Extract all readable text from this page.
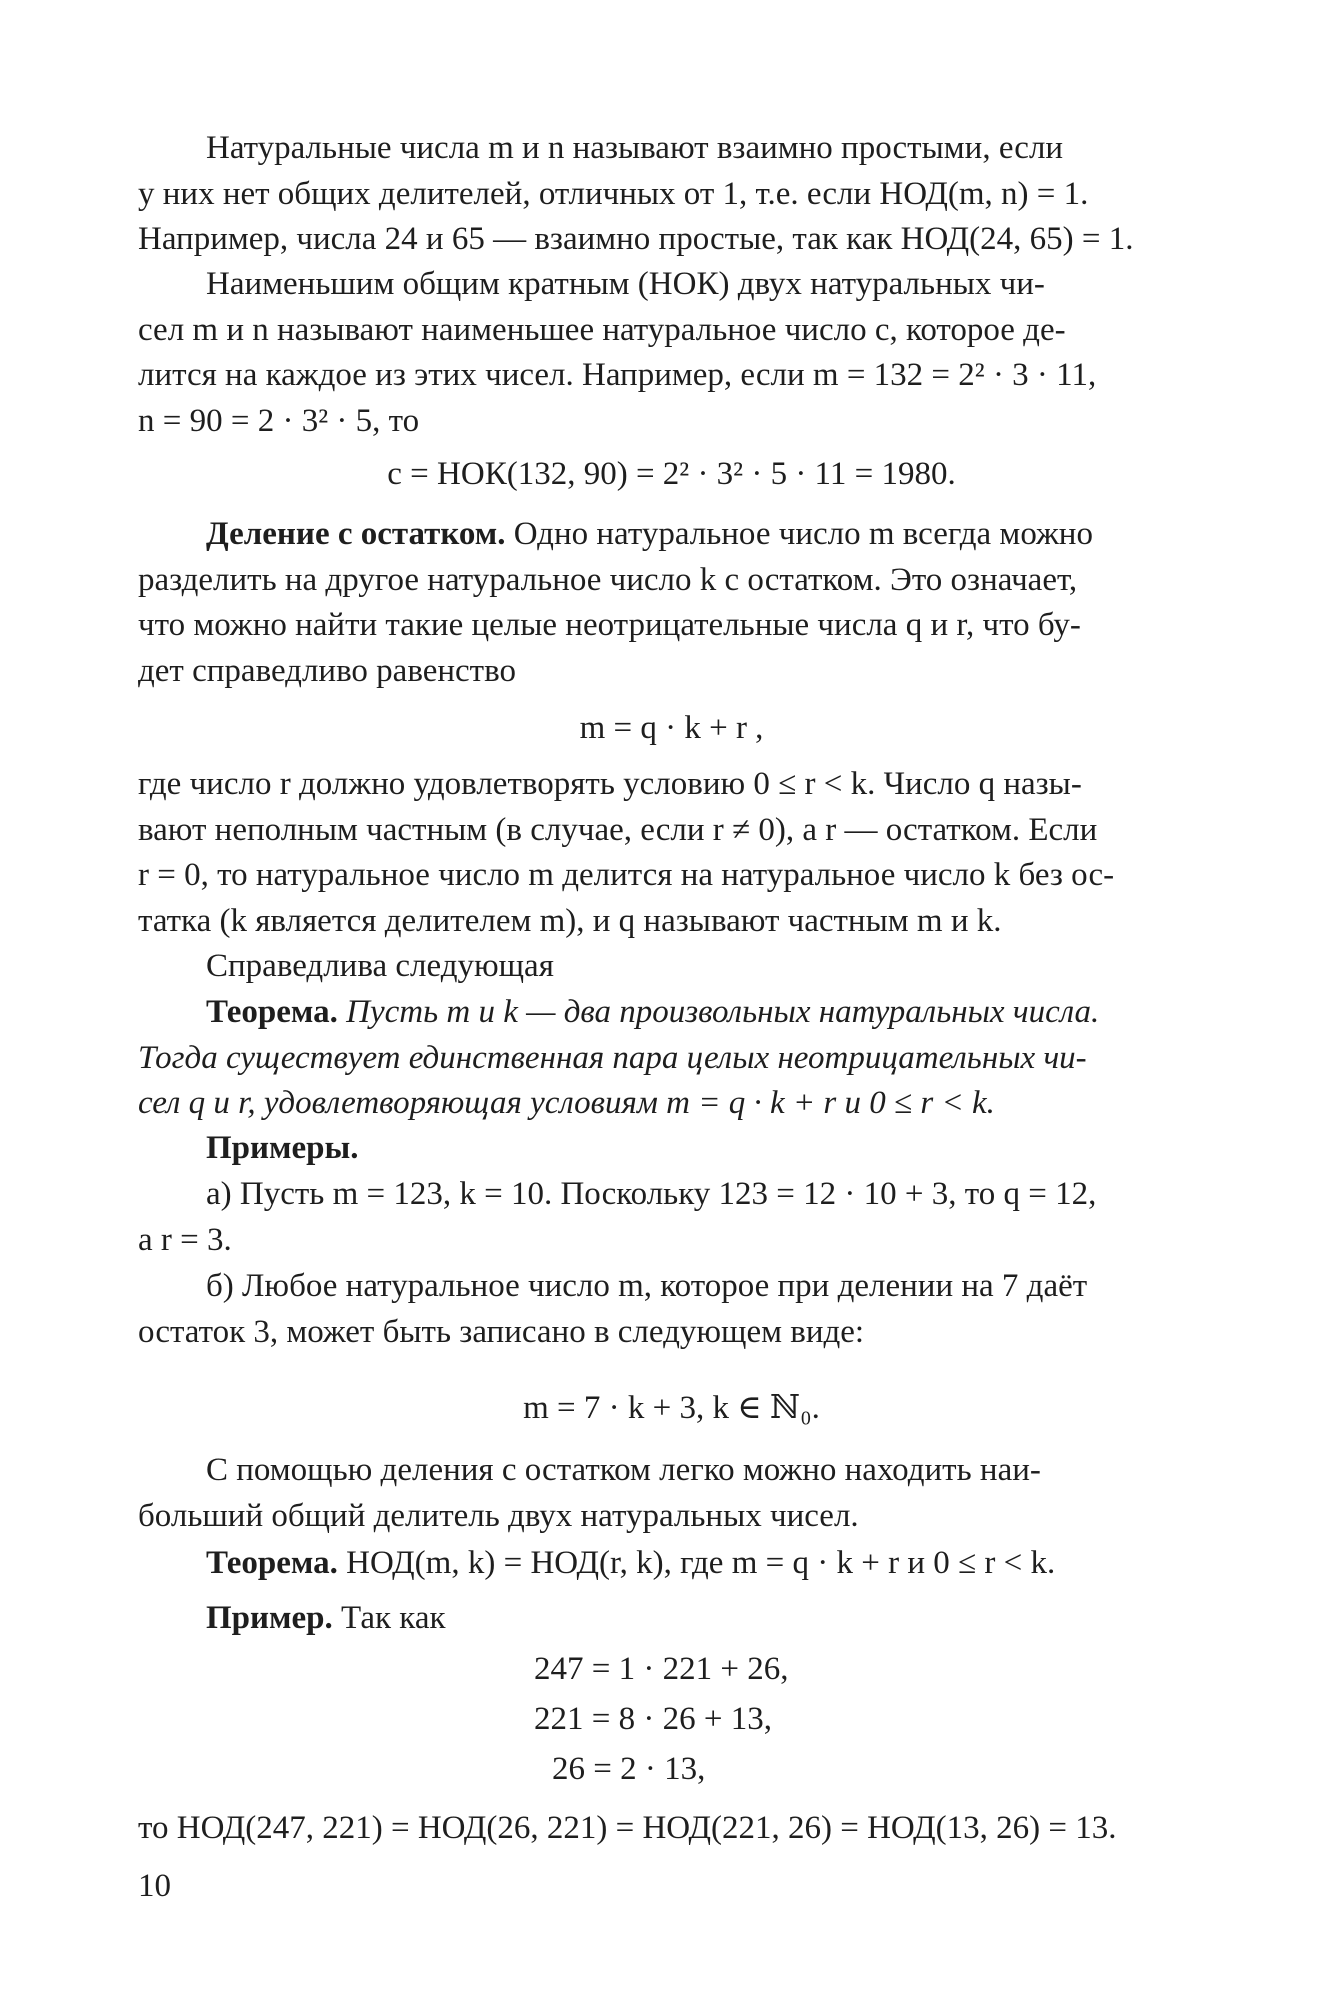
Натуральные числа m и n называют взаимно простыми, если
у них нет общих делителей, отличных от 1, т.е. если НОД(m, n) = 1.
Например, числа 24 и 65 — взаимно простые, так как НОД(24, 65) = 1.

Наименьшим общим кратным (НОК) двух натуральных чи-
сел m и n называют наименьшее натуральное число c, которое де-
лится на каждое из этих чисел. Например, если m = 132 = 2² · 3 · 11,
n = 90 = 2 · 3² · 5, то

c = НОК(132, 90) = 2² · 3² · 5 · 11 = 1980.

Деление с остатком. Одно натуральное число m всегда можно
разделить на другое натуральное число k с остатком. Это означает,
что можно найти такие целые неотрицательные числа q и r, что бу-
дет справедливо равенство

m = q · k + r ,

где число r должно удовлетворять условию 0 ≤ r < k. Число q назы-
вают неполным частным (в случае, если r ≠ 0), а r — остатком. Если
r = 0, то натуральное число m делится на натуральное число k без ос-
татка (k является делителем m), и q называют частным m и k.

Справедлива следующая

Теорема. Пусть m и k — два произвольных натуральных числа.
Тогда существует единственная пара целых неотрицательных чи-
сел q и r, удовлетворяющая условиям m = q · k + r и 0 ≤ r < k.

Примеры.

а) Пусть m = 123, k = 10. Поскольку 123 = 12 · 10 + 3, то q = 12,
а r = 3.

б) Любое натуральное число m, которое при делении на 7 даёт
остаток 3, может быть записано в следующем виде:

m = 7 · k + 3, k ∈ ℕ₀.

С помощью деления с остатком легко можно находить наи-
больший общий делитель двух натуральных чисел.

Теорема. НОД(m, k) = НОД(r, k), где m = q · k + r и 0 ≤ r < k.

Пример. Так как

247 = 1 · 221 + 26,
221 = 8 · 26 + 13,
26 = 2 · 13,

то НОД(247, 221) = НОД(26, 221) = НОД(221, 26) = НОД(13, 26) = 13.

10
